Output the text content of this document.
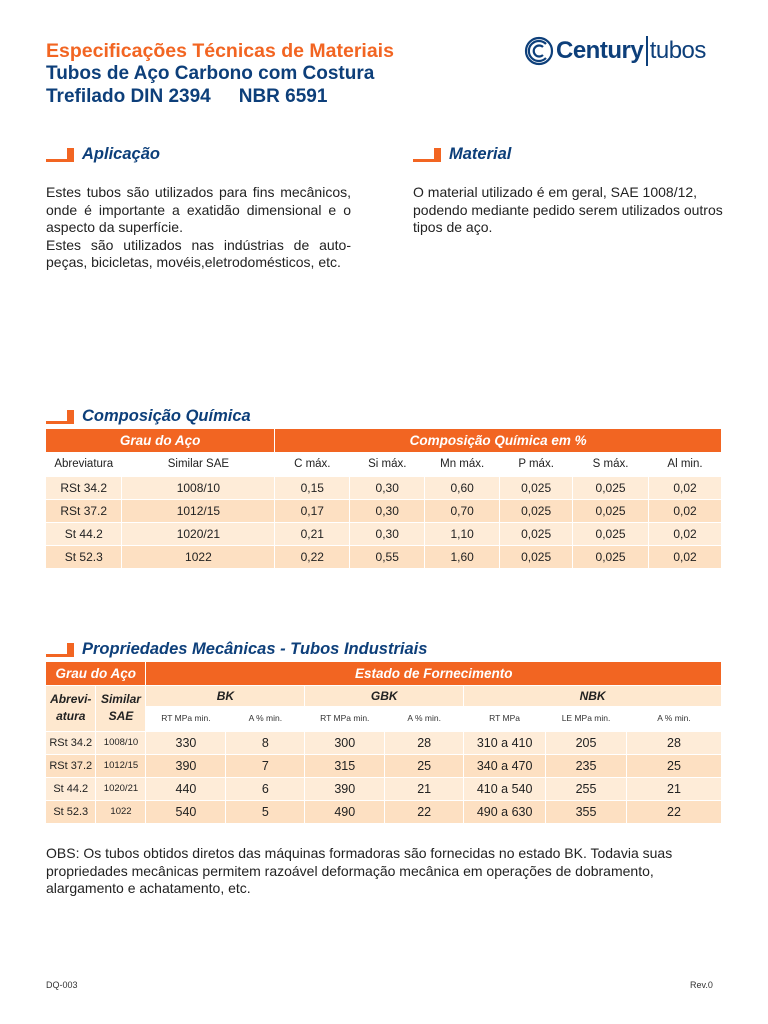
Especificações Técnicas de Materiais
Tubos de Aço Carbono com Costura
Trefilado DIN 2394 NBR 6591
Century tubos
Aplicação
Estes tubos são utilizados para fins mecânicos, onde é importante a exatidão dimensional e o aspecto da superfície.
Estes são utilizados nas indústrias de auto-peças, bicicletas, movéis,eletrodomésticos, etc.
Material
O material utilizado é em geral, SAE 1008/12, podendo mediante pedido serem utilizados outros tipos de aço.
Composição Química
Grau do Aço		Composição Química em %					
Abreviatura	Similar SAE	C máx.	Si máx.	Mn máx.	P máx.	S máx.	Al min.
RSt 34.2	1008/10	0,15	0,30	0,60	0,025	0,025	0,02
RSt 37.2	1012/15	0,17	0,30	0,70	0,025	0,025	0,02
St 44.2	1020/21	0,21	0,30	1,10	0,025	0,025	0,02
St 52.3	1022	0,22	0,55	1,60	0,025	0,025	0,02
Propriedades Mecânicas - Tubos Industriais
Grau do Aço		Estado de Fornecimento						
Abrevi-atura	Similar SAE	BK		GBK		NBK		
		RT MPa min.	A % min.	RT MPa min.	A % min.	RT MPa	LE MPa min.	A % min.
RSt 34.2	1008/10	330	8	300	28	310 a 410	205	28
RSt 37.2	1012/15	390	7	315	25	340 a 470	235	25
St 44.2	1020/21	440	6	390	21	410 a 540	255	21
St 52.3	1022	540	5	490	22	490 a 630	355	22
OBS: Os tubos obtidos diretos das máquinas formadoras são fornecidas no estado BK. Todavia suas propriedades mecânicas permitem razoável deformação mecânica em operações de dobramento, alargamento e achatamento, etc.
DQ-003	Rev.0
